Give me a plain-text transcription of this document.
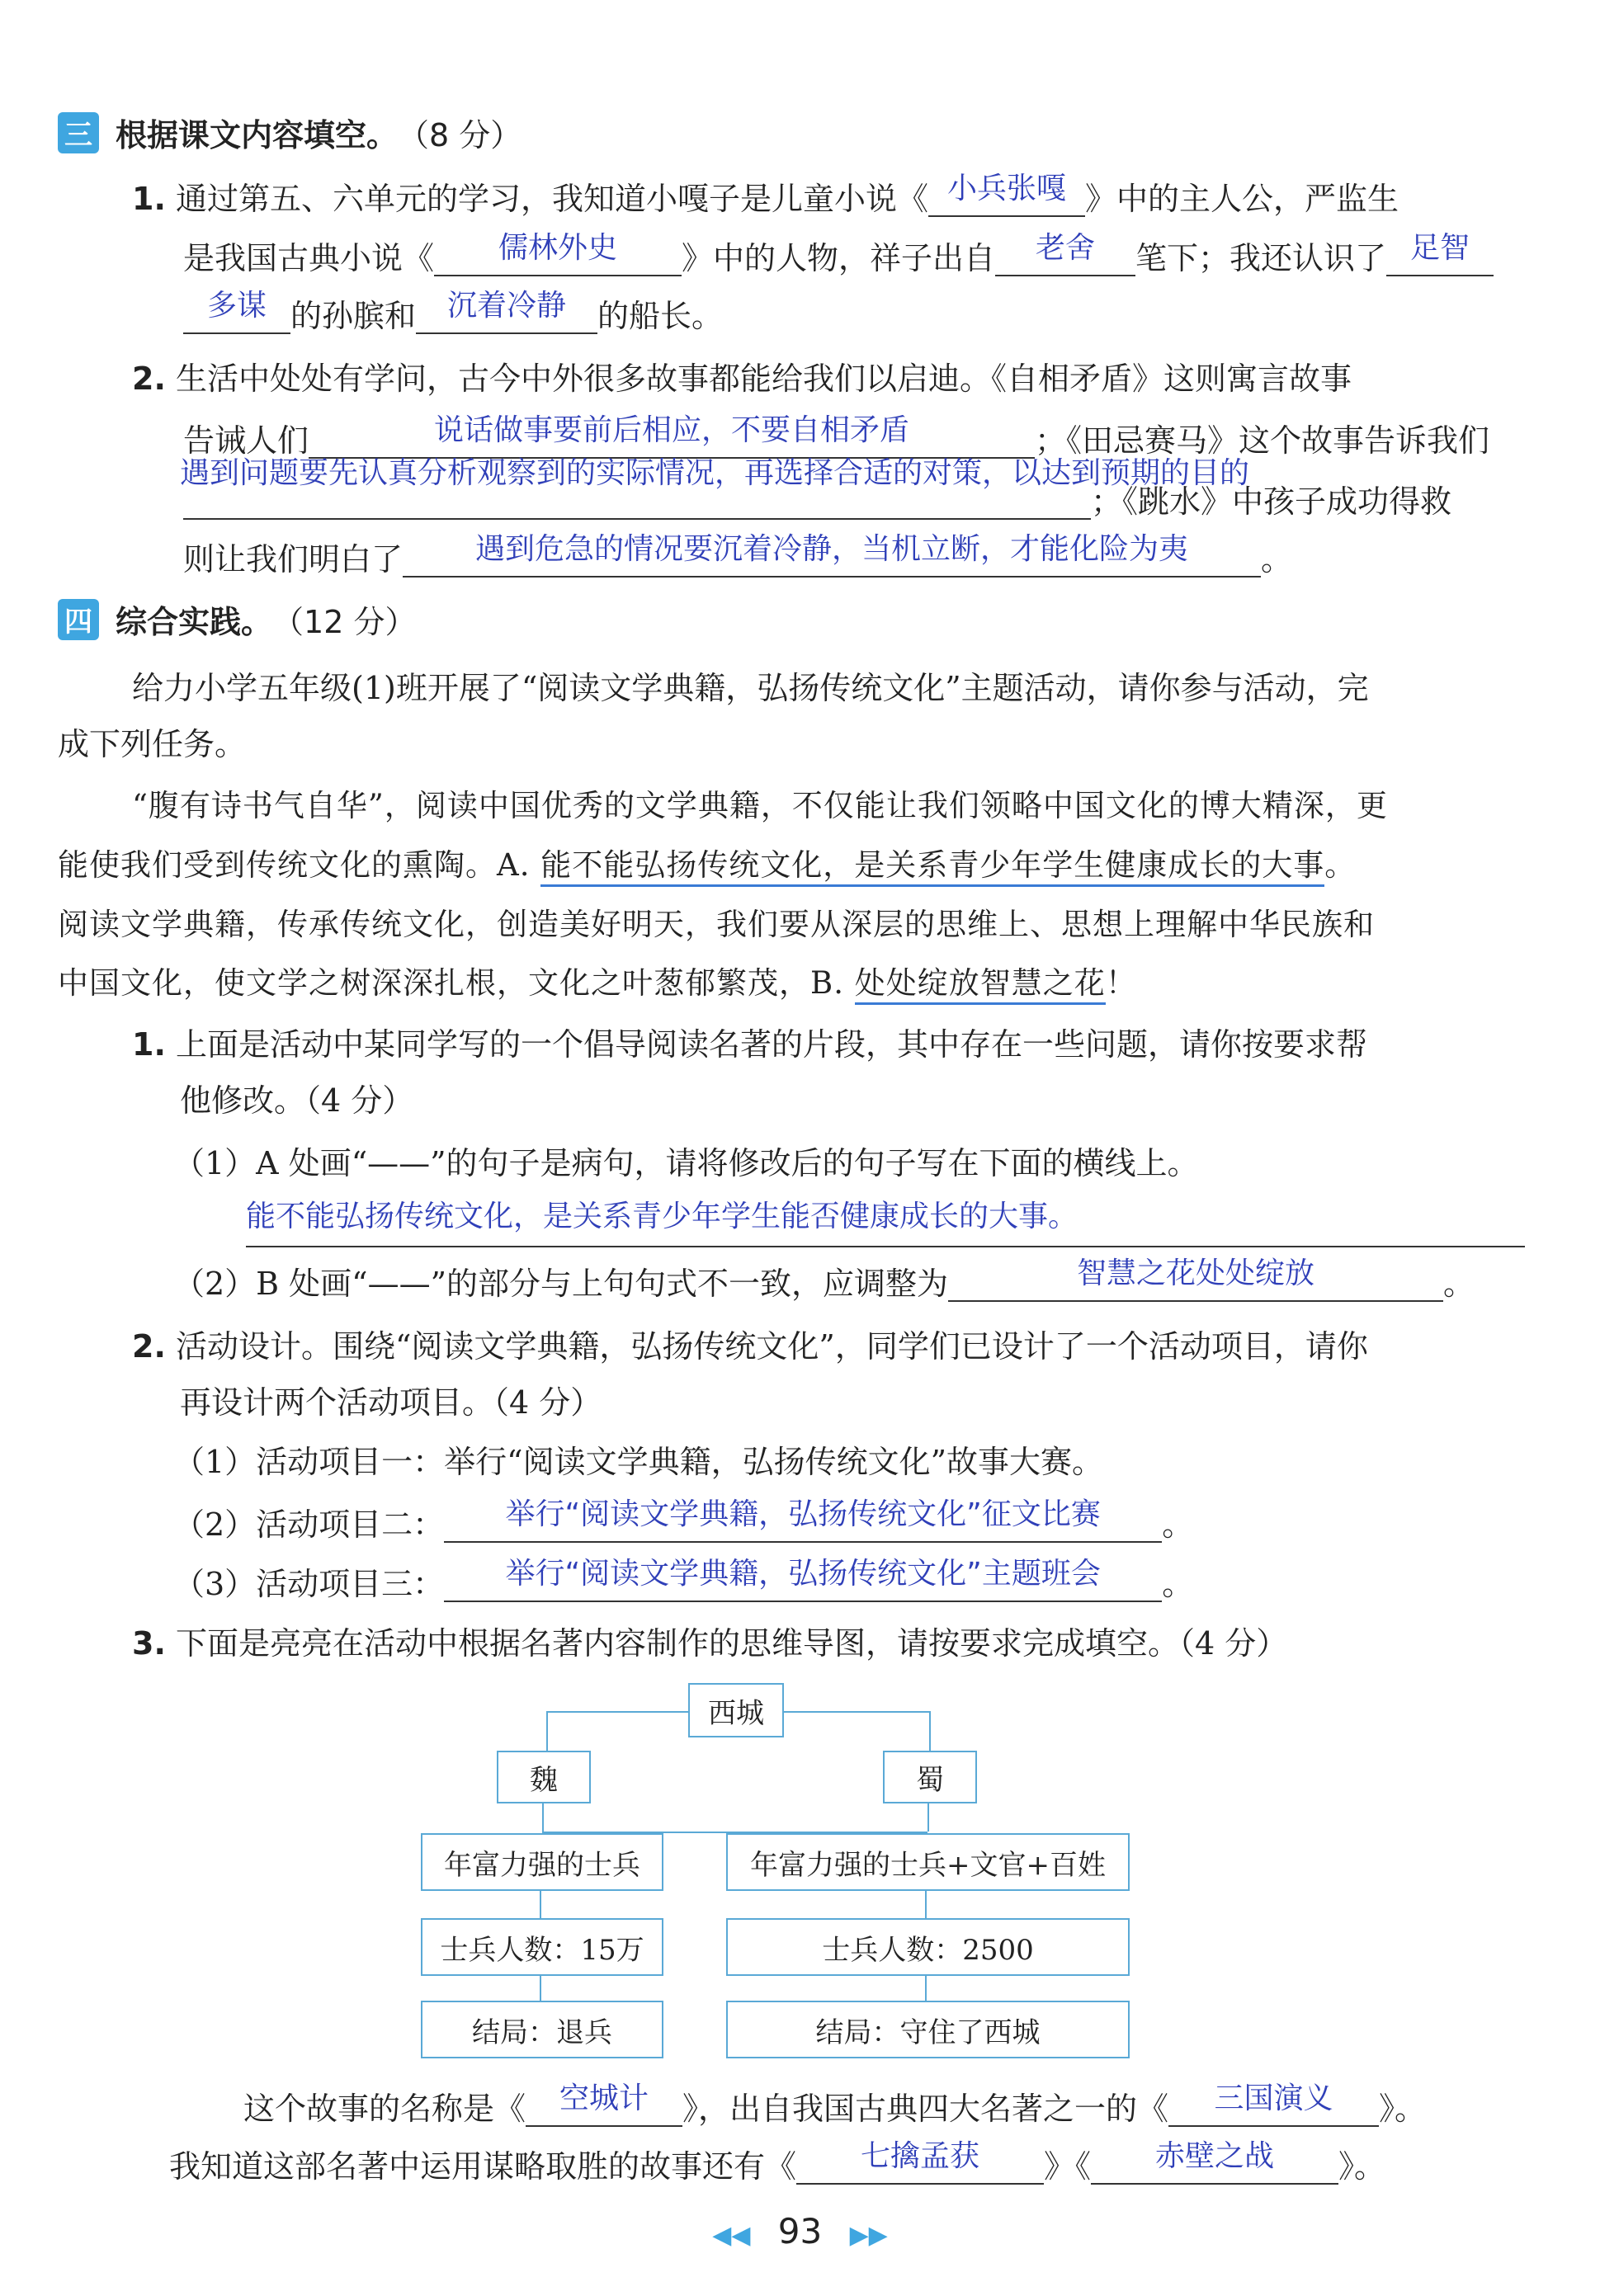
三 根据课文内容填空。 （8 分）
1. 通过第五、六单元的学习，我知道小嘎子是儿童小说《 小兵张嘎 》中的主人公，严监生
是我国古典小说《	儒林外史	》中的人物，祥子出自	老舍	笔下；我还认识了 足智
多谋 的孙膑和	沉着冷静	的船长。
2. 生活中处处有学问，古今中外很多故事都能给我们以启迪。《自相矛盾》这则寓言故事
告诫人们	说话做事要前后相应，不要自相矛盾	；《田忌赛马》这个故事告诉我们
遇到问题要先认真分析观察到的实际情况，再选择合适的对策，以达到预期的目的
；《跳水》中孩子成功得救
则让我们明白了	遇到危急的情况要沉着冷静，当机立断，才能化险为夷	。
四 综合实践。 （12 分）
给力小学五年级(1)班开展了“阅读文学典籍，弘扬传统文化”主题活动，请你参与活动，完
成下列任务。
“腹有诗书气自华”，阅读中国优秀的文学典籍，不仅能让我们领略中国文化的博大精深，更
能使我们受到传统文化的熏陶。A. 能不能弘扬传统文化，是关系青少年学生健康成长的大事。
阅读文学典籍，传承传统文化，创造美好明天，我们要从深层的思维上、思想上理解中华民族和
中国文化，使文学之树深深扎根，文化之叶葱郁繁茂，B. 处处绽放智慧之花！
1. 上面是活动中某同学写的一个倡导阅读名著的片段，其中存在一些问题，请你按要求帮
他修改。（4 分）
（1）A 处画“——”的句子是病句，请将修改后的句子写在下面的横线上。
能不能弘扬传统文化，是关系青少年学生能否健康成长的大事。
（2）B 处画“——”的部分与上句句式不一致，应调整为	智慧之花处处绽放	。
2. 活动设计。围绕“阅读文学典籍，弘扬传统文化”，同学们已设计了一个活动项目，请你
再设计两个活动项目。（4 分）
（1）活动项目一：举行“阅读文学典籍，弘扬传统文化”故事大赛。
（2）活动项目二：	举行“阅读文学典籍，弘扬传统文化”征文比赛	。
（3）活动项目三：	举行“阅读文学典籍，弘扬传统文化”主题班会	。
3. 下面是亮亮在活动中根据名著内容制作的思维导图，请按要求完成填空。（4 分）
西城
魏	蜀
年富力强的士兵
士兵人数：15万
结局：退兵
年富力强的士兵+文官+百姓
士兵人数：2500
结局：守住了西城
这个故事的名称是《	空城计	》，出自我国古典四大名著之一的《	三国演义	》。
我知道这部名著中运用谋略取胜的故事还有《	七擒孟获	》《	赤壁之战	》。
◀◀ 93 ▶▶
